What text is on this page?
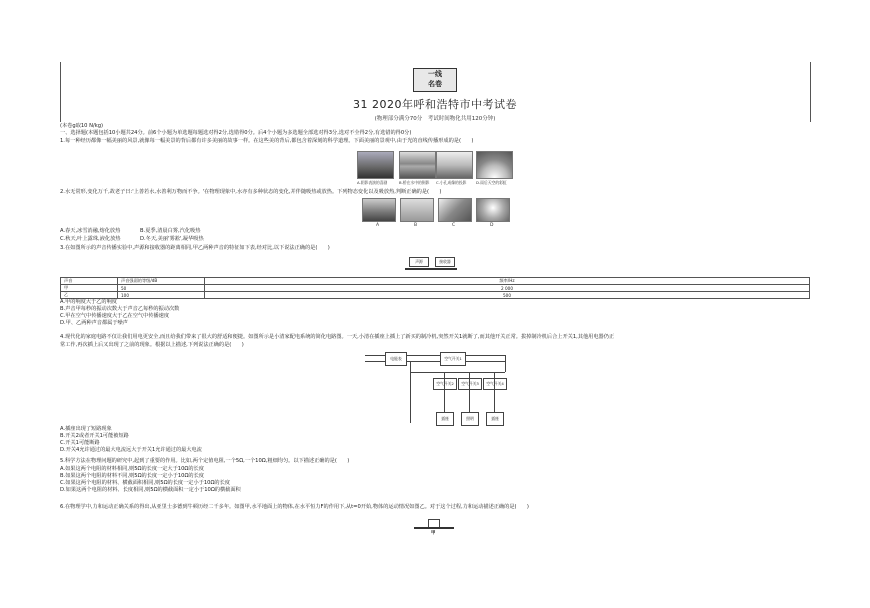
一线
名卷
31 2020年呼和浩特市中考试卷
(物理部分满分70分　考试时间物化共用120分钟)
(本卷g取10 N/kg)
一、选择题(本题包括10小题共24分。前6个小题为单选题每题选对得2分,选错得0分。后4个小题为多选题全部选对得3分,选对不全得2分,有选错的得0分)
1.每一种经历都像一幅美丽的风景,就像每一幅美景的背后都有许多美丽的故事一样。在这些美的背后,都包含着深刻的科学道理。下面美丽的景观中,由于光的直线传播形成的是(　　)
A.阴影表演的喜剧	B.桥在水中的倒影 C.小孔成像的投影	D.雨后天空的彩虹
2.水无常形,变化万千,故老子曰:'上善若水,水善利万物而不争。'在物理现象中,水亦有多种状态的变化,并伴随吸热或放热。下列物态变化以及吸放热,判断正确的是(　　)
A	B	C	D
A.春天,冰雪消融,熔化放热	B.夏季,清晨白雾,汽化吸热
C.秋天,叶上露珠,液化放热	D.冬天,美丽'雾凇',凝华吸热
3.在如图所示的声音传播实验中,声源和接收器的距离相同,甲乙两种声音的特征如下表,经对比,以下说法正确的是(　　)
声源	接收器
声音	声音强弱的等级/dB	频率/Hz
甲	50	2 000
乙	100	500
A.甲的响度大于乙的响度
B.声音甲每秒的振动次数大于声音乙每秒的振动次数
C.甲在空气中传播速度大于乙在空气中传播速度
D.甲、乙两种声音都属于噪声
4.现代化的家庭电路不仅让我们用电更安全,而且给我们带来了很大的舒适和便捷。如图所示是小清家配电系统的简化电路图。一天,小清在插座上插上了新买的制冷机,突然开关1就断了,而其他开关正常。拔掉制冷机后合上开关1,其他用电器仍正
常工作,再次插上后又出现了之前的现象。根据以上描述,下列说法正确的是(　　)
电能表	空气开关1
空气开关2	空气开关3	空气开关4
插座	照明	插座
A.插座出现了短路现象
B.开关2或者开关1可能被短路
C.开关1可能断路
D.开关4允许通过的最大电流远大于开关1允许通过的最大电流
5.科学方法在物理问题的研究中,起到了重要的作用。比如,两个定值电阻,一个5Ω,一个10Ω,粗细均匀。以下描述正确的是(　　)
A.如果这两个电阻的材料相同,则5Ω的长度一定大于10Ω的长度
B.如果这两个电阻的材料不同,则5Ω的长度一定小于10Ω的长度
C.如果这两个电阻的材料、横截面积相同,则5Ω的长度一定小于10Ω的长度
D.如果这两个电阻的材料、长度相同,则5Ω的横截面积一定小于10Ω的横截面积
6.在物理学中,力和运动正确关系的得出,从亚里士多德到牛顿历经二千多年。如图甲,水平地面上的物体,在水平恒力F的作用下,从t=0开始,物体的运动情况如图乙。对于这个过程,力和运动描述正确的是(　　)
甲
